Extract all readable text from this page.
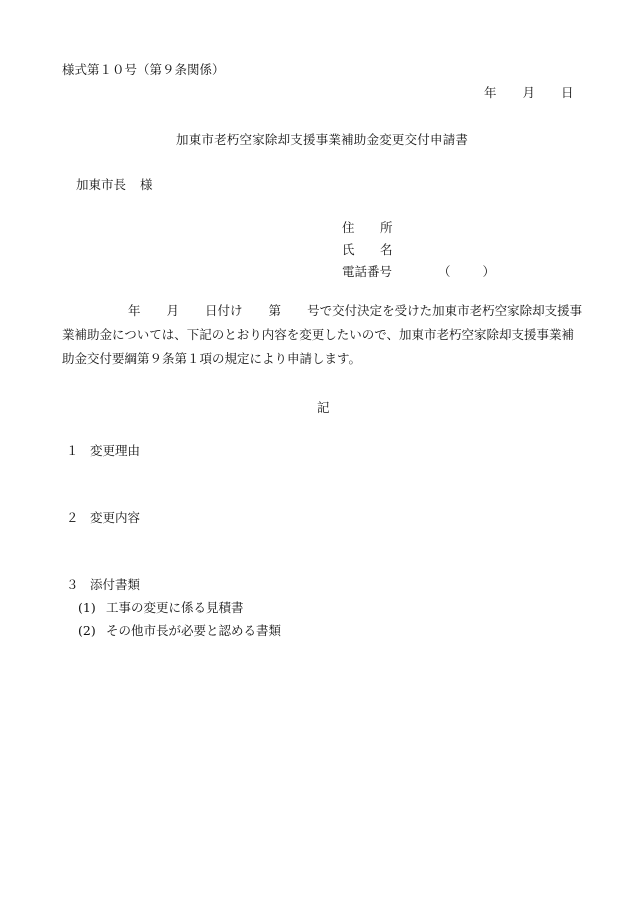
様式第１０号（第９条関係）
年 月 日
加東市老朽空家除却支援事業補助金変更交付申請書
加東市長 様
住 所
氏 名
電話番号	（	）
年 月 日付け 第 号で交付決定を受けた加東市老朽空家除却支援事
業補助金については、下記のとおり内容を変更したいので、加東市老朽空家除却支援事業補
助金交付要綱第９条第１項の規定により申請します。
記
１ 変更理由
２ 変更内容
３ 添付書類
(1) 工事の変更に係る見積書
(2) その他市長が必要と認める書類
